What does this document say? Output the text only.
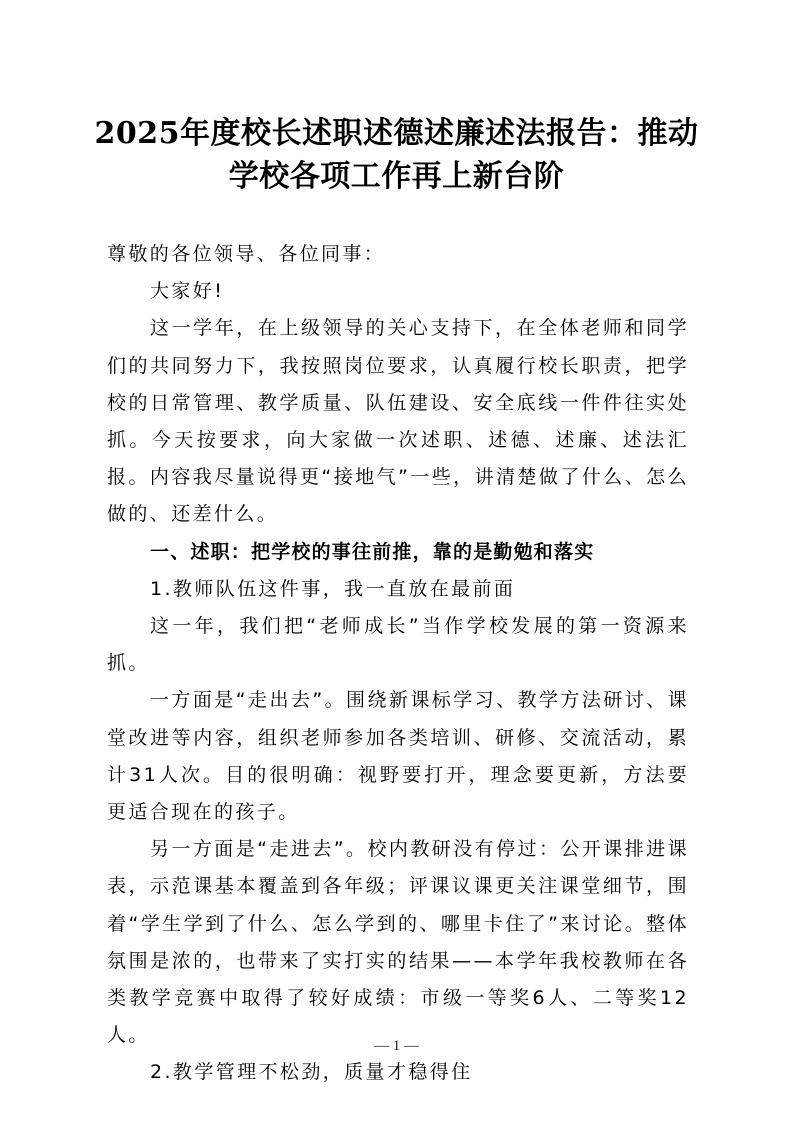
2025年度校长述职述德述廉述法报告：推动学校各项工作再上新台阶

尊敬的各位领导、各位同事：

大家好!

这一学年，在上级领导的关心支持下，在全体老师和同学们的共同努力下，我按照岗位要求，认真履行校长职责，把学校的日常管理、教学质量、队伍建设、安全底线一件件往实处抓。今天按要求，向大家做一次述职、述德、述廉、述法汇报。内容我尽量说得更“接地气”一些，讲清楚做了什么、怎么做的、还差什么。

一、述职：把学校的事往前推，靠的是勤勉和落实

1.教师队伍这件事，我一直放在最前面

这一年，我们把“老师成长”当作学校发展的第一资源来抓。

一方面是“走出去”。围绕新课标学习、教学方法研讨、课堂改进等内容，组织老师参加各类培训、研修、交流活动，累计31人次。目的很明确：视野要打开，理念要更新，方法要更适合现在的孩子。

另一方面是“走进去”。校内教研没有停过：公开课排进课表，示范课基本覆盖到各年级；评课议课更关注课堂细节，围着“学生学到了什么、怎么学到的、哪里卡住了”来讨论。整体氛围是浓的，也带来了实打实的结果——本学年我校教师在各类教学竞赛中取得了较好成绩：市级一等奖6人、二等奖12人。

2.教学管理不松劲，质量才稳得住

— 1 —
